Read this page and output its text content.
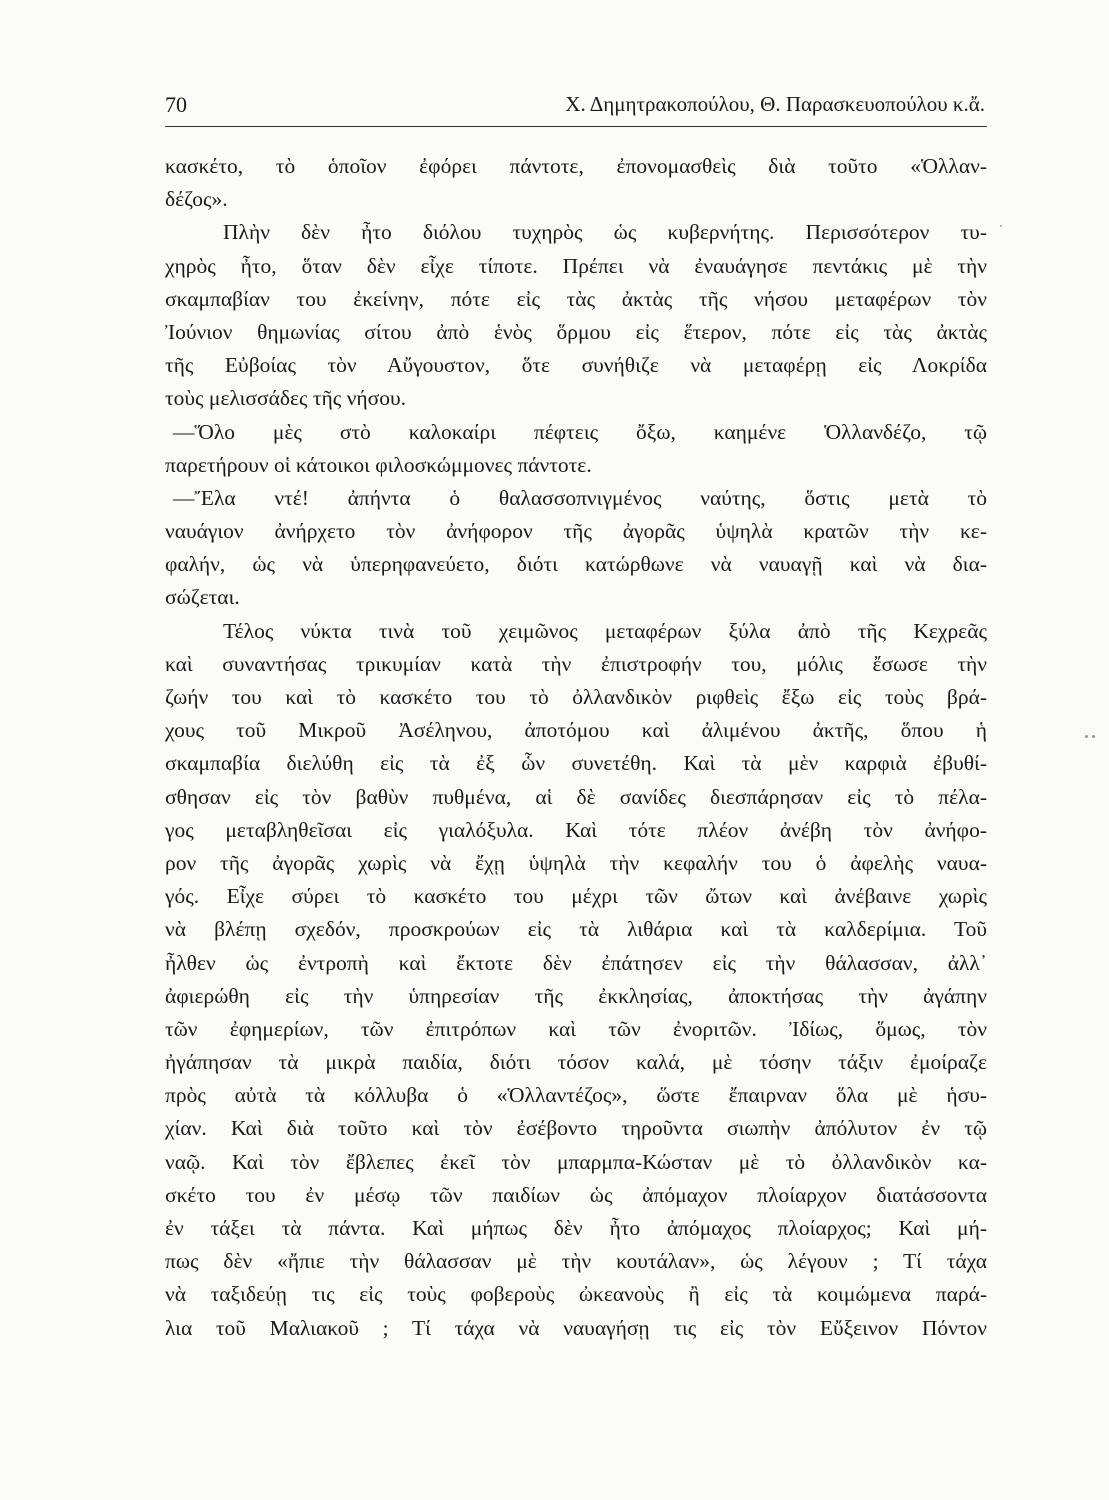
70	Χ. Δημητρακοπούλου, Θ. Παρασκευοπούλου κ.ἄ.
κασκέτο, τὸ ὁποῖον ἐφόρει πάντοτε, ἐπονομασθεὶς διὰ τοῦτο «Ὁλλαν-
δέζος».
Πλὴν δὲν ἦτο διόλου τυχηρὸς ὡς κυβερνήτης. Περισσότερον τυ-
χηρὸς ἦτο, ὅταν δὲν εἶχε τίποτε. Πρέπει νὰ ἐναυάγησε πεντάκις μὲ τὴν
σκαμπαβίαν του ἐκείνην, πότε εἰς τὰς ἀκτὰς τῆς νήσου μεταφέρων τὸν
Ἰούνιον θημωνίας σίτου ἀπὸ ἑνὸς ὅρμου εἰς ἕτερον, πότε εἰς τὰς ἀκτὰς
τῆς Εὐβοίας τὸν Αὔγουστον, ὅτε συνήθιζε νὰ μεταφέρῃ εἰς Λοκρίδα
τοὺς μελισσάδες τῆς νήσου.
—Ὅλο μὲς στὸ καλοκαίρι πέφτεις ὄξω, καημένε Ὁλλανδέζο, τῷ
παρετήρουν οἱ κάτοικοι φιλοσκώμμονες πάντοτε.
—Ἔλα ντέ! ἀπήντα ὁ θαλασσοπνιγμένος ναύτης, ὅστις μετὰ τὸ
ναυάγιον ἀνήρχετο τὸν ἀνήφορον τῆς ἀγορᾶς ὑψηλὰ κρατῶν τὴν κε-
φαλήν, ὡς νὰ ὑπερηφανεύετο, διότι κατώρθωνε νὰ ναυαγῇ καὶ νὰ δια-
σώζεται.
Τέλος νύκτα τινὰ τοῦ χειμῶνος μεταφέρων ξύλα ἀπὸ τῆς Κεχρεᾶς
καὶ συναντήσας τρικυμίαν κατὰ τὴν ἐπιστροφήν του, μόλις ἔσωσε τὴν
ζωήν του καὶ τὸ κασκέτο του τὸ ὀλλανδικὸν ριφθεὶς ἔξω εἰς τοὺς βρά-
χους τοῦ Μικροῦ Ἀσέληνου, ἀποτόμου καὶ ἀλιμένου ἀκτῆς, ὅπου ἡ
σκαμπαβία διελύθη εἰς τὰ ἐξ ὧν συνετέθη. Καὶ τὰ μὲν καρφιὰ ἐβυθί-
σθησαν εἰς τὸν βαθὺν πυθμένα, αἱ δὲ σανίδες διεσπάρησαν εἰς τὸ πέλα-
γος μεταβληθεῖσαι εἰς γιαλόξυλα. Καὶ τότε πλέον ἀνέβη τὸν ἀνήφο-
ρον τῆς ἀγορᾶς χωρὶς νὰ ἔχῃ ὑψηλὰ τὴν κεφαλήν του ὁ ἀφελὴς ναυα-
γός. Εἶχε σύρει τὸ κασκέτο του μέχρι τῶν ὤτων καὶ ἀνέβαινε χωρὶς
νὰ βλέπῃ σχεδόν, προσκρούων εἰς τὰ λιθάρια καὶ τὰ καλδερίμια. Τοῦ
ἦλθεν ὡς ἐντροπὴ καὶ ἔκτοτε δὲν ἐπάτησεν εἰς τὴν θάλασσαν, ἀλλ᾽
ἀφιερώθη εἰς τὴν ὑπηρεσίαν τῆς ἐκκλησίας, ἀποκτήσας τὴν ἀγάπην
τῶν ἐφημερίων, τῶν ἐπιτρόπων καὶ τῶν ἐνοριτῶν. Ἰδίως, ὅμως, τὸν
ἠγάπησαν τὰ μικρὰ παιδία, διότι τόσον καλά, μὲ τόσην τάξιν ἐμοίραζε
πρὸς αὐτὰ τὰ κόλλυβα ὁ «Ὁλλαντέζος», ὥστε ἔπαιρναν ὅλα μὲ ἡσυ-
χίαν. Καὶ διὰ τοῦτο καὶ τὸν ἐσέβοντο τηροῦντα σιωπὴν ἀπόλυτον ἐν τῷ
ναῷ. Καὶ τὸν ἔβλεπες ἐκεῖ τὸν μπαρμπα-Κώσταν μὲ τὸ ὀλλανδικὸν κα-
σκέτο του ἐν μέσῳ τῶν παιδίων ὡς ἀπόμαχον πλοίαρχον διατάσσοντα
ἐν τάξει τὰ πάντα. Καὶ μήπως δὲν ἦτο ἀπόμαχος πλοίαρχος; Καὶ μή-
πως δὲν «ἤπιε τὴν θάλασσαν μὲ τὴν κουτάλαν», ὡς λέγουν ; Τί τάχα
νὰ ταξιδεύῃ τις εἰς τοὺς φοβεροὺς ὠκεανοὺς ἢ εἰς τὰ κοιμώμενα παρά-
λια τοῦ Μαλιακοῦ ; Τί τάχα νὰ ναυαγήσῃ τις εἰς τὸν Εὔξεινον Πόντον
